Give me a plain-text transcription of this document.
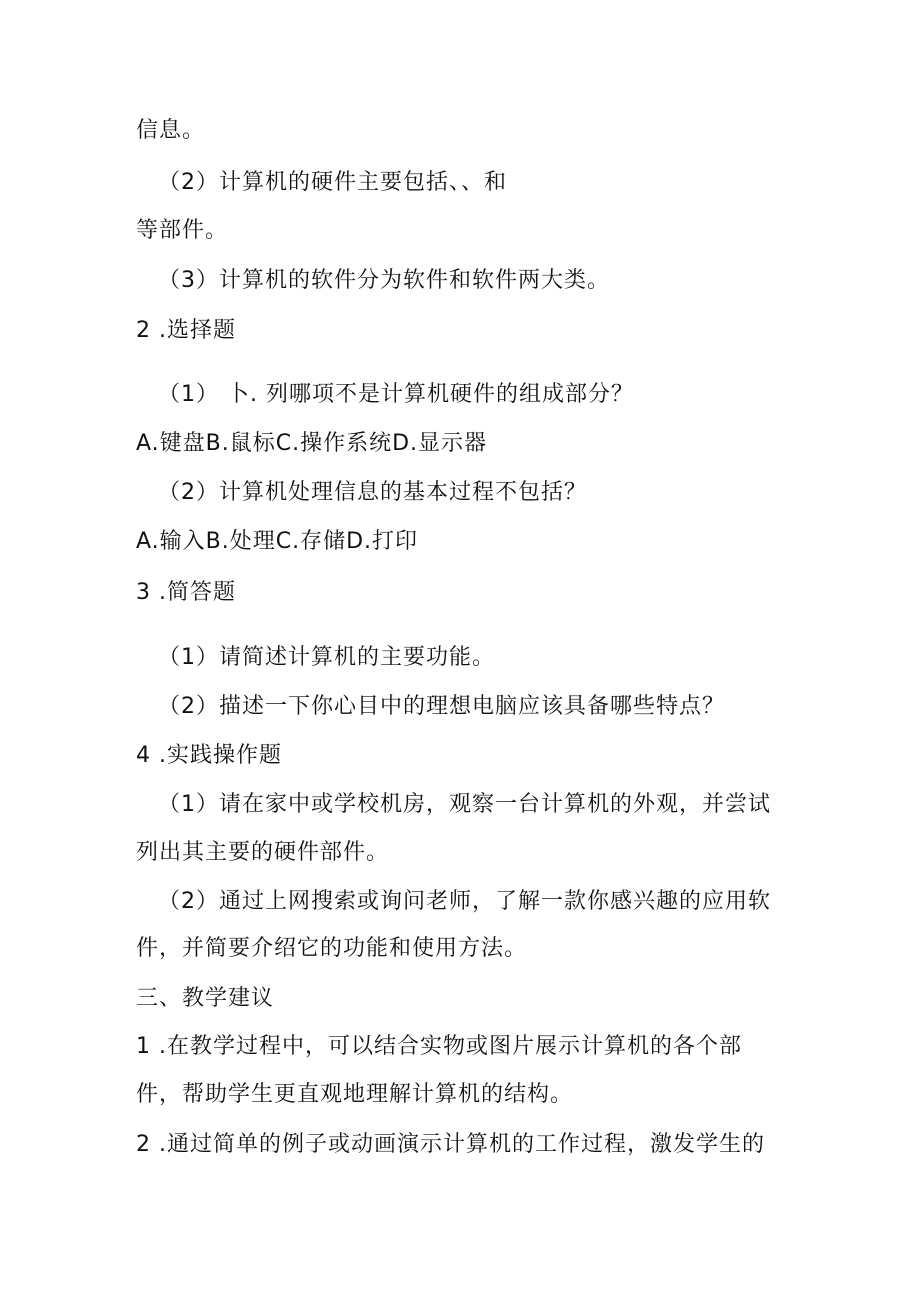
信息。
（2）计算机的硬件主要包括、、和
等部件。
（3）计算机的软件分为软件和软件两大类。
2 .选择题
（1） 卜. 列哪项不是计算机硬件的组成部分？
A.键盘B.鼠标C.操作系统D.显示器
（2）计算机处理信息的基本过程不包括？
A.输入B.处理C.存储D.打印
3 .简答题
（1）请简述计算机的主要功能。
（2）描述一下你心目中的理想电脑应该具备哪些特点？
4 .实践操作题
（1）请在家中或学校机房，观察一台计算机的外观，并尝试
列出其主要的硬件部件。
（2）通过上网搜索或询问老师，了解一款你感兴趣的应用软
件，并简要介绍它的功能和使用方法。
三、教学建议
1 .在教学过程中，可以结合实物或图片展示计算机的各个部
件，帮助学生更直观地理解计算机的结构。
2 .通过简单的例子或动画演示计算机的工作过程，激发学生的
